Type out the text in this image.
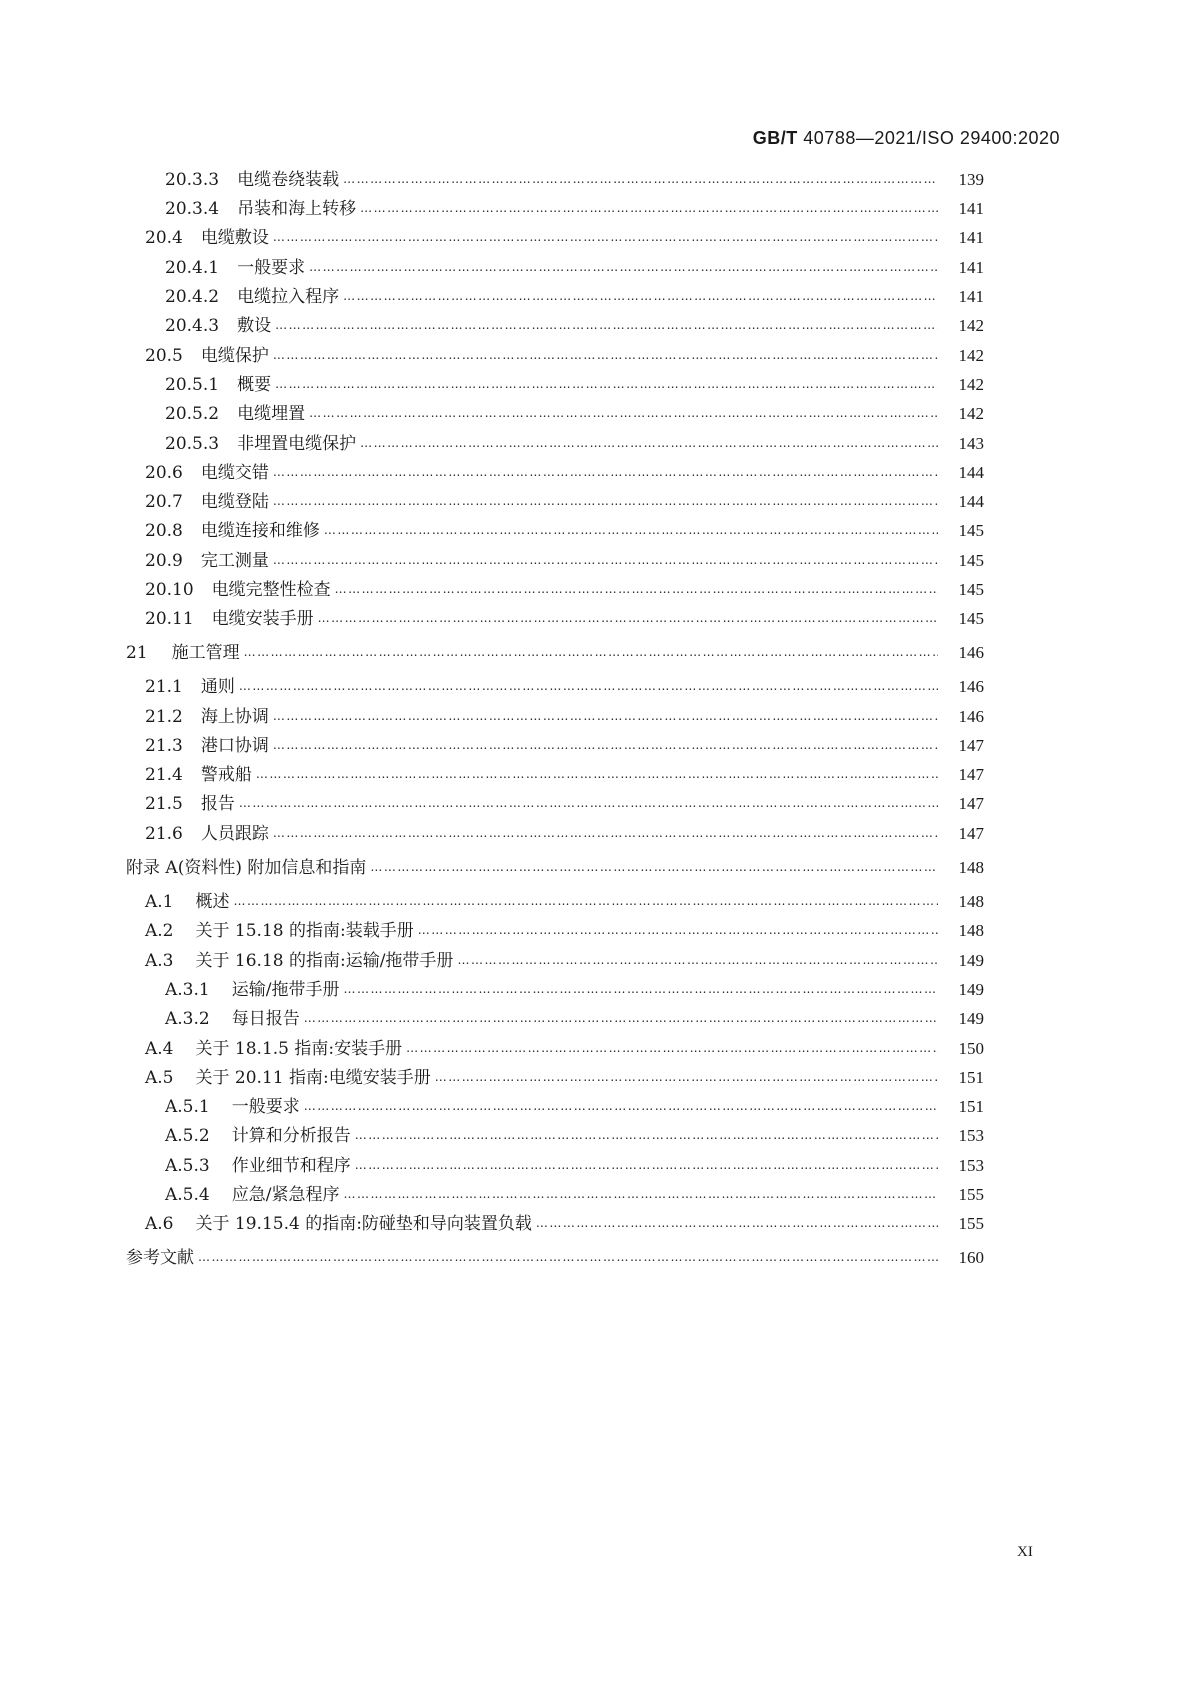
GB/T 40788—2021/ISO 29400:2020
20.3.3 电缆卷绕装载 ……………………………………………………………………………………………………………………………………………………………………………………………………………………………………………………	139
20.3.4 吊装和海上转移 ……………………………………………………………………………………………………………………………………………………………………………………………………………………………………………………	141
20.4 电缆敷设 ……………………………………………………………………………………………………………………………………………………………………………………………………………………………………………………	141
20.4.1 一般要求 ……………………………………………………………………………………………………………………………………………………………………………………………………………………………………………………	141
20.4.2 电缆拉入程序 ……………………………………………………………………………………………………………………………………………………………………………………………………………………………………………………	141
20.4.3 敷设 ……………………………………………………………………………………………………………………………………………………………………………………………………………………………………………………	142
20.5 电缆保护 ……………………………………………………………………………………………………………………………………………………………………………………………………………………………………………………	142
20.5.1 概要 ……………………………………………………………………………………………………………………………………………………………………………………………………………………………………………………	142
20.5.2 电缆埋置 ……………………………………………………………………………………………………………………………………………………………………………………………………………………………………………………	142
20.5.3 非埋置电缆保护 ……………………………………………………………………………………………………………………………………………………………………………………………………………………………………………………	143
20.6 电缆交错 ……………………………………………………………………………………………………………………………………………………………………………………………………………………………………………………	144
20.7 电缆登陆 ……………………………………………………………………………………………………………………………………………………………………………………………………………………………………………………	144
20.8 电缆连接和维修 ……………………………………………………………………………………………………………………………………………………………………………………………………………………………………………………	145
20.9 完工测量 ……………………………………………………………………………………………………………………………………………………………………………………………………………………………………………………	145
20.10 电缆完整性检查 ……………………………………………………………………………………………………………………………………………………………………………………………………………………………………………………	145
20.11 电缆安装手册 ……………………………………………………………………………………………………………………………………………………………………………………………………………………………………………………	145
21 施工管理 ……………………………………………………………………………………………………………………………………………………………………………………………………………………………………………………	146
21.1 通则 ……………………………………………………………………………………………………………………………………………………………………………………………………………………………………………………	146
21.2 海上协调 ……………………………………………………………………………………………………………………………………………………………………………………………………………………………………………………	146
21.3 港口协调 ……………………………………………………………………………………………………………………………………………………………………………………………………………………………………………………	147
21.4 警戒船 ……………………………………………………………………………………………………………………………………………………………………………………………………………………………………………………	147
21.5 报告 ……………………………………………………………………………………………………………………………………………………………………………………………………………………………………………………	147
21.6 人员跟踪 ……………………………………………………………………………………………………………………………………………………………………………………………………………………………………………………	147
附录 A (资料性) 附加信息和指南 ……………………………………………………………………………………………………………………………………………………………………………………………………………………………………………………	148
A.1 概述 ……………………………………………………………………………………………………………………………………………………………………………………………………………………………………………………	148
A.2 关于 15.18 的指南:装载手册 ……………………………………………………………………………………………………………………………………………………………………………………………………………………………………………………	148
A.3 关于 16.18 的指南:运输/拖带手册 ……………………………………………………………………………………………………………………………………………………………………………………………………………………………………………………	149
A.3.1 运输/拖带手册 ……………………………………………………………………………………………………………………………………………………………………………………………………………………………………………………	149
A.3.2 每日报告 ……………………………………………………………………………………………………………………………………………………………………………………………………………………………………………………	149
A.4 关于 18.1.5 指南:安装手册 ……………………………………………………………………………………………………………………………………………………………………………………………………………………………………………………	150
A.5 关于 20.11 指南:电缆安装手册 ……………………………………………………………………………………………………………………………………………………………………………………………………………………………………………………	151
A.5.1 一般要求 ……………………………………………………………………………………………………………………………………………………………………………………………………………………………………………………	151
A.5.2 计算和分析报告 ……………………………………………………………………………………………………………………………………………………………………………………………………………………………………………………	153
A.5.3 作业细节和程序 ……………………………………………………………………………………………………………………………………………………………………………………………………………………………………………………	153
A.5.4 应急/紧急程序 ……………………………………………………………………………………………………………………………………………………………………………………………………………………………………………………	155
A.6 关于 19.15.4 的指南:防碰垫和导向装置负载 ……………………………………………………………………………………………………………………………………………………………………………………………………………………………………………………	155
参考文献 ……………………………………………………………………………………………………………………………………………………………………………………………………………………………………………………	160
XI
